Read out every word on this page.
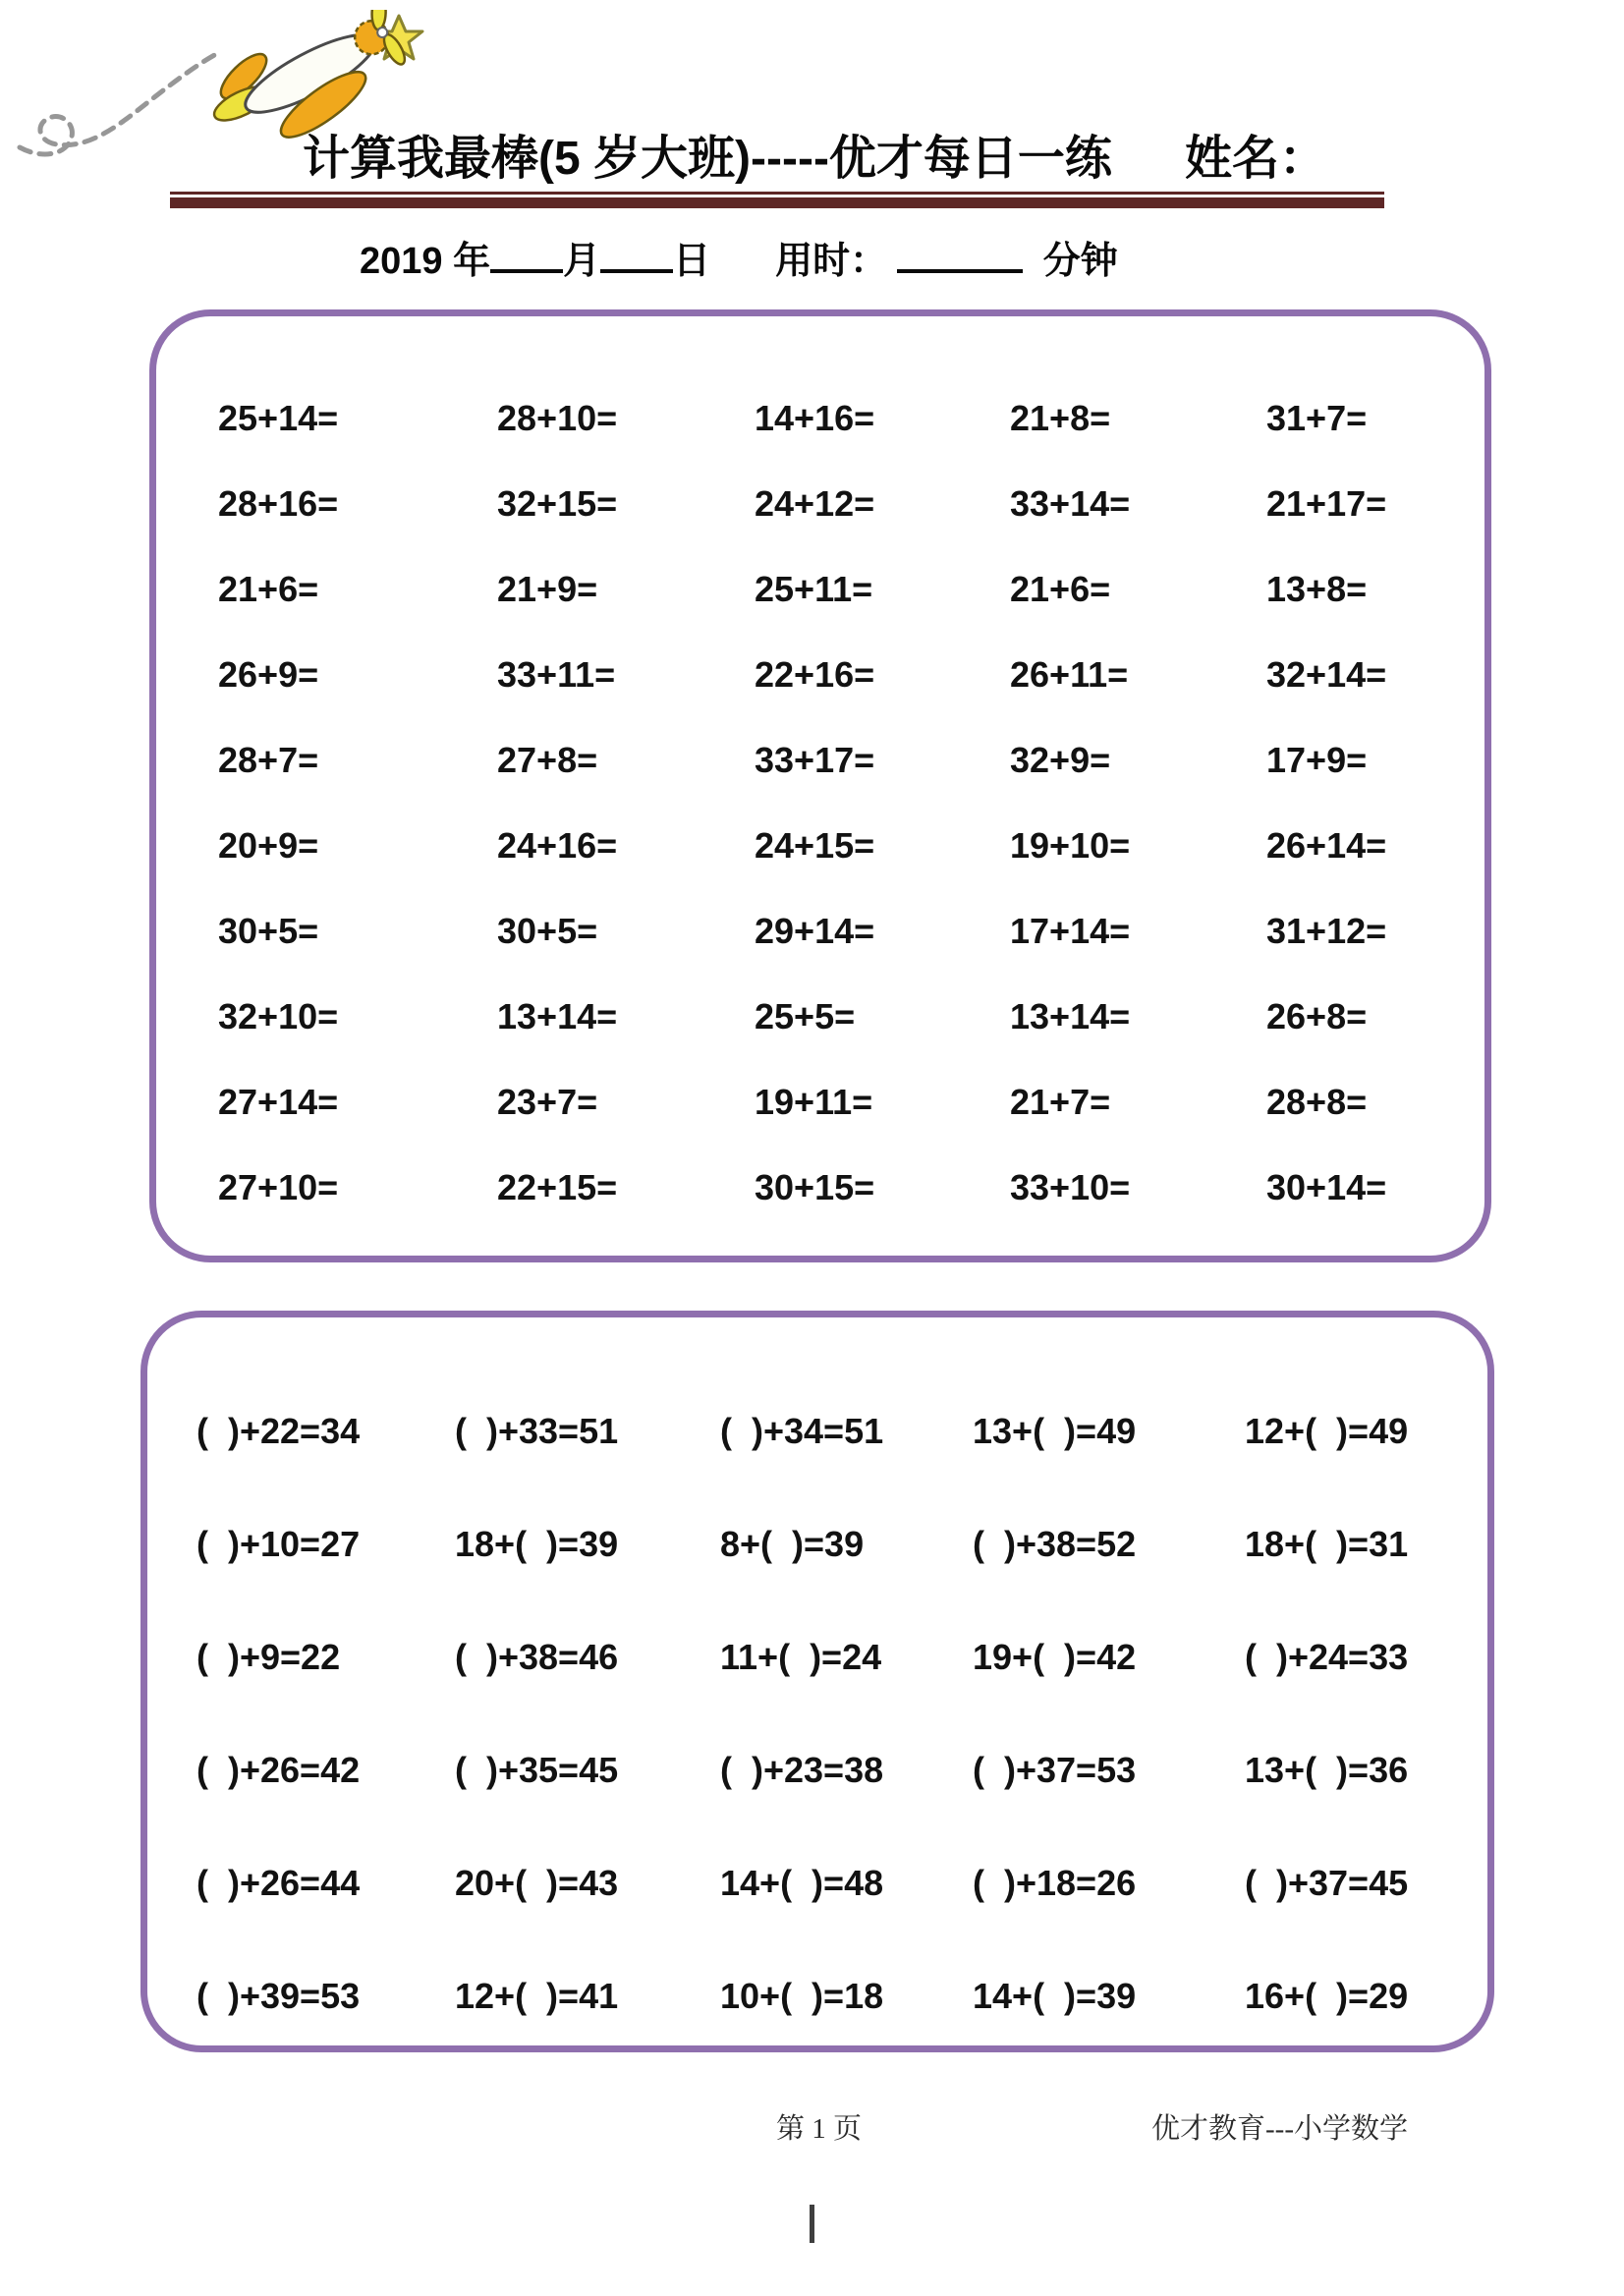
计算我最棒(5 岁大班)-----优才每日一练 姓名：
2019 年 月 日 用时：	分钟
25+14=	28+10=	14+16=	21+8=	31+7=
28+16=	32+15=	24+12=	33+14=	21+17=
21+6=	21+9=	25+11=	21+6=	13+8=
26+9=	33+11=	22+16=	26+11=	32+14=
28+7=	27+8=	33+17=	32+9=	17+9=
20+9=	24+16=	24+15=	19+10=	26+14=
30+5=	30+5=	29+14=	17+14=	31+12=
32+10=	13+14=	25+5=	13+14=	26+8=
27+14=	23+7=	19+11=	21+7=	28+8=
27+10=	22+15=	30+15=	33+10=	30+14=
(  )+22=34	(  )+33=51	(  )+34=51	13+(  )=49	12+(  )=49
(  )+10=27	18+(  )=39	8+(  )=39	(  )+38=52	18+(  )=31
(  )+9=22	(  )+38=46	11+(  )=24	19+(  )=42	(  )+24=33
(  )+26=42	(  )+35=45	(  )+23=38	(  )+37=53	13+(  )=36
(  )+26=44	20+(  )=43	14+(  )=48	(  )+18=26	(  )+37=45
(  )+39=53	12+(  )=41	10+(  )=18	14+(  )=39	16+(  )=29
第 1 页	优才教育---小学数学
